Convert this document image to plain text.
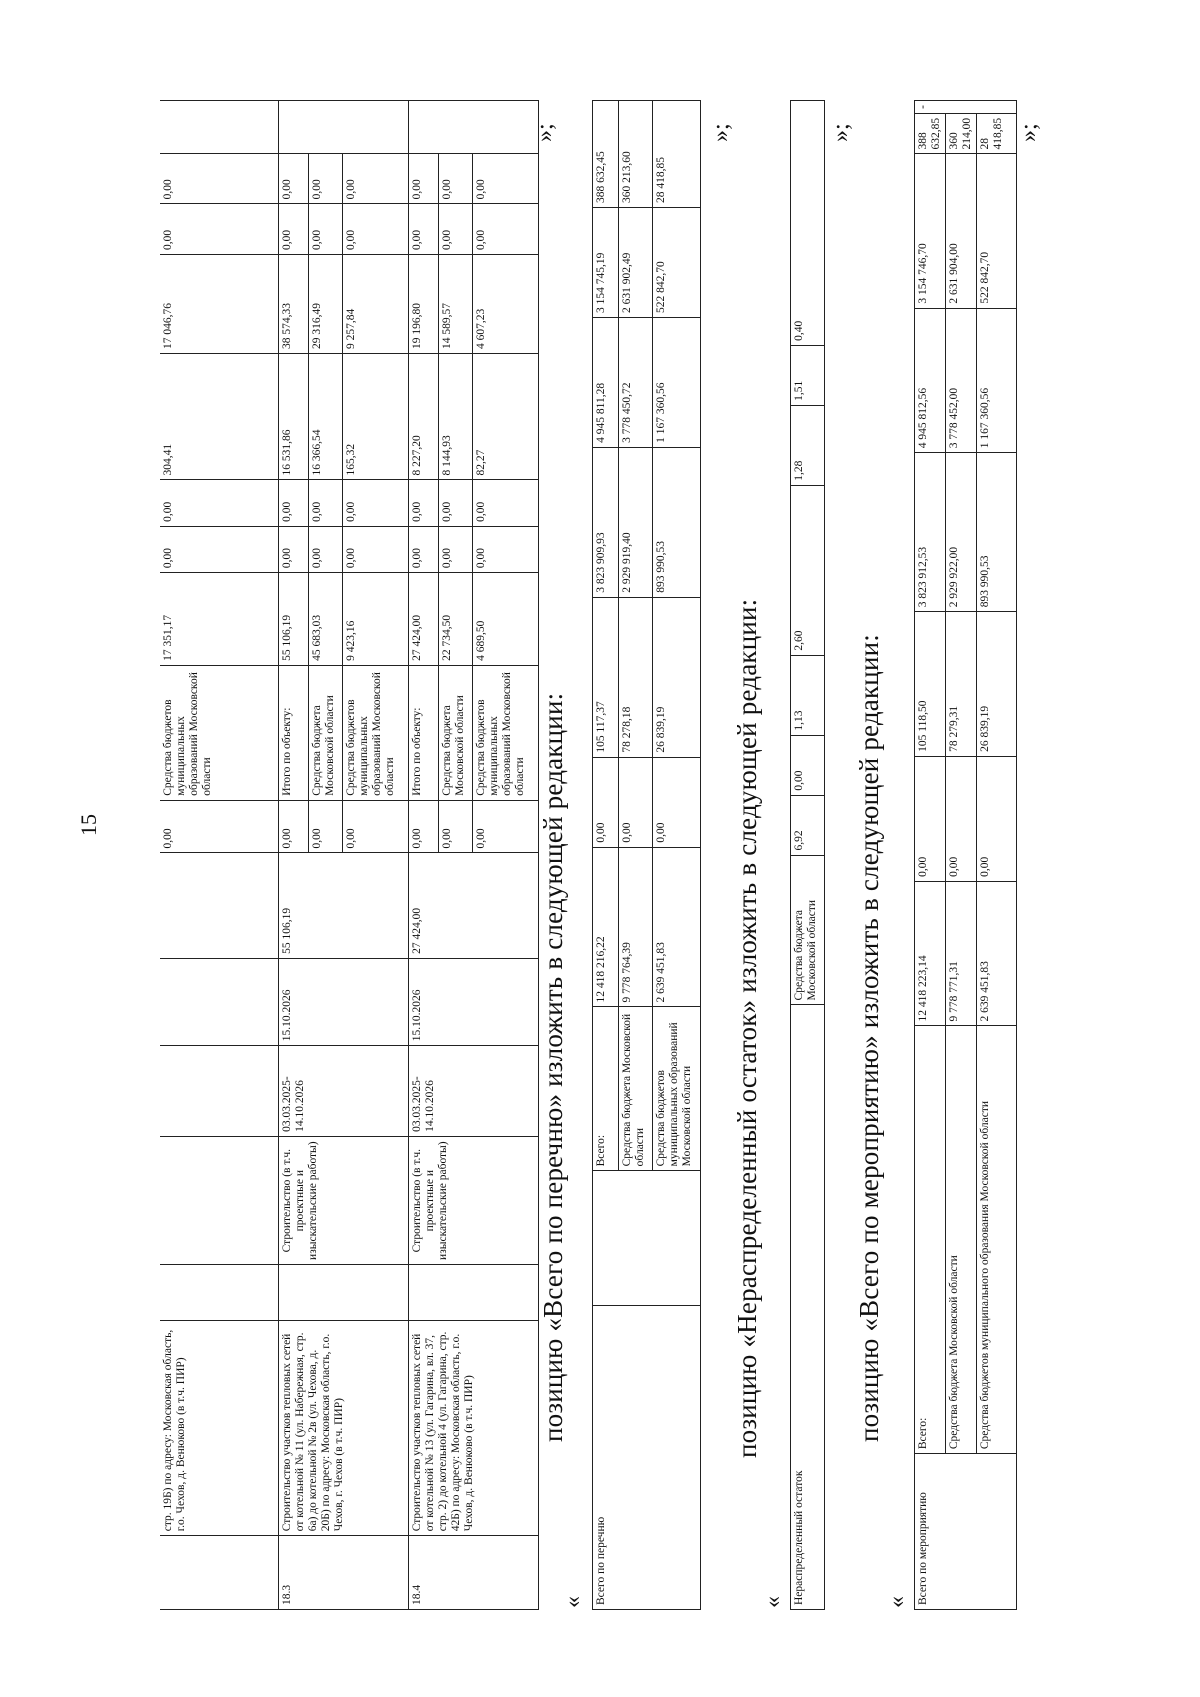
15
	стр. 19Б) по адресу: Московская область, г.о. Чехов, д. Венюково (в т.ч. ПИР)						0,00	Средства бюджетов муниципальных образований Московской области	17 351,17	0,00	0,00	304,41	17 046,76	0,00	0,00	
18.3	Строительство участков тепловых сетей от котельной № 11 (ул. Набережная, стр. 6а) до котельной № 2в (ул. Чехова, д. 20Б) по адресу: Московская область, г.о. Чехов, г. Чехов (в т.ч. ПИР)		Строительство (в т.ч. проектные и изыскательские работы)	03.03.2025-14.10.2026	15.10.2026	55 106,19	0,00	Итого по объекту:	55 106,19	0,00	0,00	16 531,86	38 574,33	0,00	0,00	
							0,00	Средства бюджета Московской области	45 683,03	0,00	0,00	16 366,54	29 316,49	0,00	0,00	
							0,00	Средства бюджетов муниципальных образований Московской области	9 423,16	0,00	0,00	165,32	9 257,84	0,00	0,00	
18.4	Строительство участков тепловых сетей от котельной № 13 (ул. Гагарина, вл. 37, стр. 2) до котельной 4 (ул. Гагарина, стр. 42Б) по адресу: Московская область, г.о. Чехов, д. Венюково (в т.ч. ПИР)		Строительство (в т.ч. проектные и изыскательские работы)	03.03.2025-14.10.2026	15.10.2026	27 424,00	0,00	Итого по объекту:	27 424,00	0,00	0,00	8 227,20	19 196,80	0,00	0,00	
							0,00	Средства бюджета Московской области	22 734,50	0,00	0,00	8 144,93	14 589,57	0,00	0,00	
							0,00	Средства бюджетов муниципальных образований Московской области	4 689,50	0,00	0,00	82,27	4 607,23	0,00	0,00	
»;
позицию «Всего по перечню» изложить в следующей редакции:
« Всего по перечню		Всего:	12 418 216,22	0,00	105 117,37	3 823 909,93	4 945 811,28	3 154 745,19	388 632,45
		Средства бюджета Московской области	9 778 764,39	0,00	78 278,18	2 929 919,40	3 778 450,72	2 631 902,49	360 213,60
		Средства бюджетов муниципальных образований Московской области	2 639 451,83	0,00	26 839,19	893 990,53	1 167 360,56	522 842,70	28 418,85
»;
позицию «Нераспределенный остаток» изложить в следующей редакции:
« Нераспределенный остаток	Средства бюджета Московской области	6,92	0,00	1,13	2,60	1,28	1,51	0,40
»;
позицию «Всего по мероприятию» изложить в следующей редакции:
« Всего по мероприятию	Всего:	12 418 223,14	0,00	105 118,50	3 823 912,53	4 945 812,56	3 154 746,70	388 632,85	-
	Средства бюджета Московской области	9 778 771,31	0,00	78 279,31	2 929 922,00	3 778 452,00	2 631 904,00	360 214,00	
	Средства бюджетов муниципального образования Московской области	2 639 451,83	0,00	26 839,19	893 990,53	1 167 360,56	522 842,70	28 418,85	»;
